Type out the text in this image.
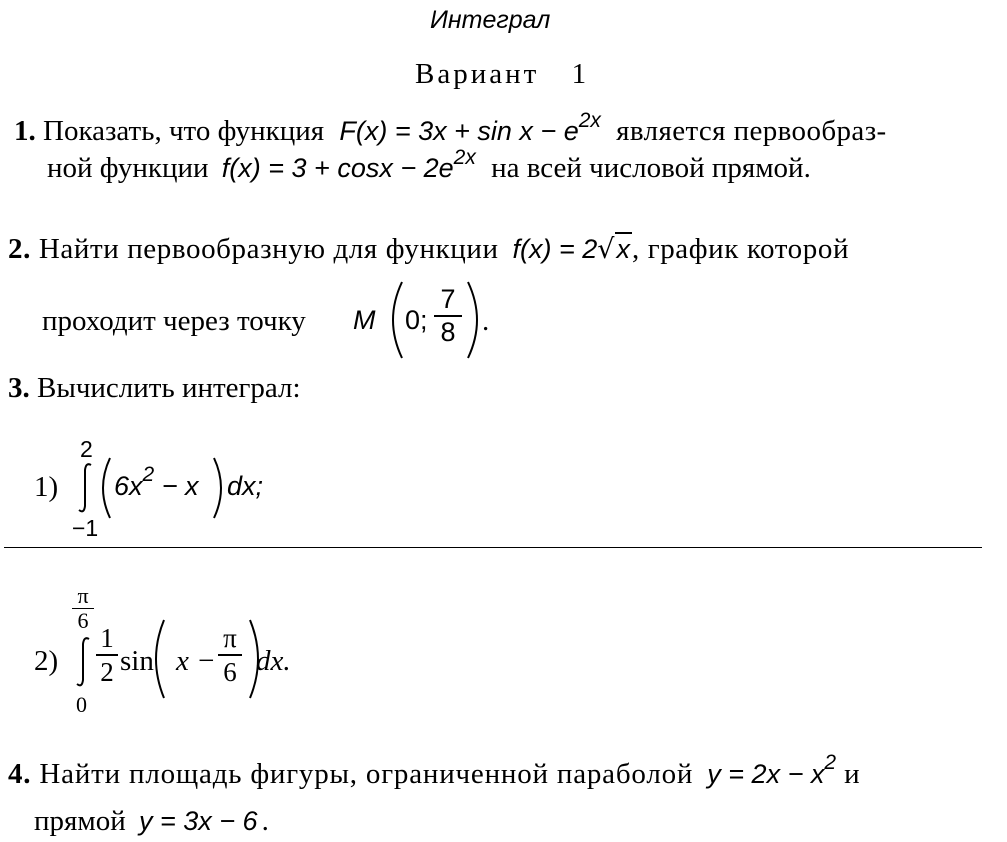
Интеграл
Вариант 1
1. Показать, что функция $F(x) = 3x + \sin x - e^{2x}$ является первообраз-
ной функции $f(x) = 3 + \cos x - 2e^{2x}$ на всей числовой прямой.
2. Найти первообразную для функции f(x) = 2√x, график которой
проходит через точку M 0;
7
8 .
3. Вычислить интеграл:
1)
2
−1
$6x^2 - x$ dx;
2)
π
6
0
1
2 sin x −
π
6 dx.
4. Найти площадь фигуры, ограниченной параболой $y = 2x - x^2$ и
прямой y = 3x − 6 .
